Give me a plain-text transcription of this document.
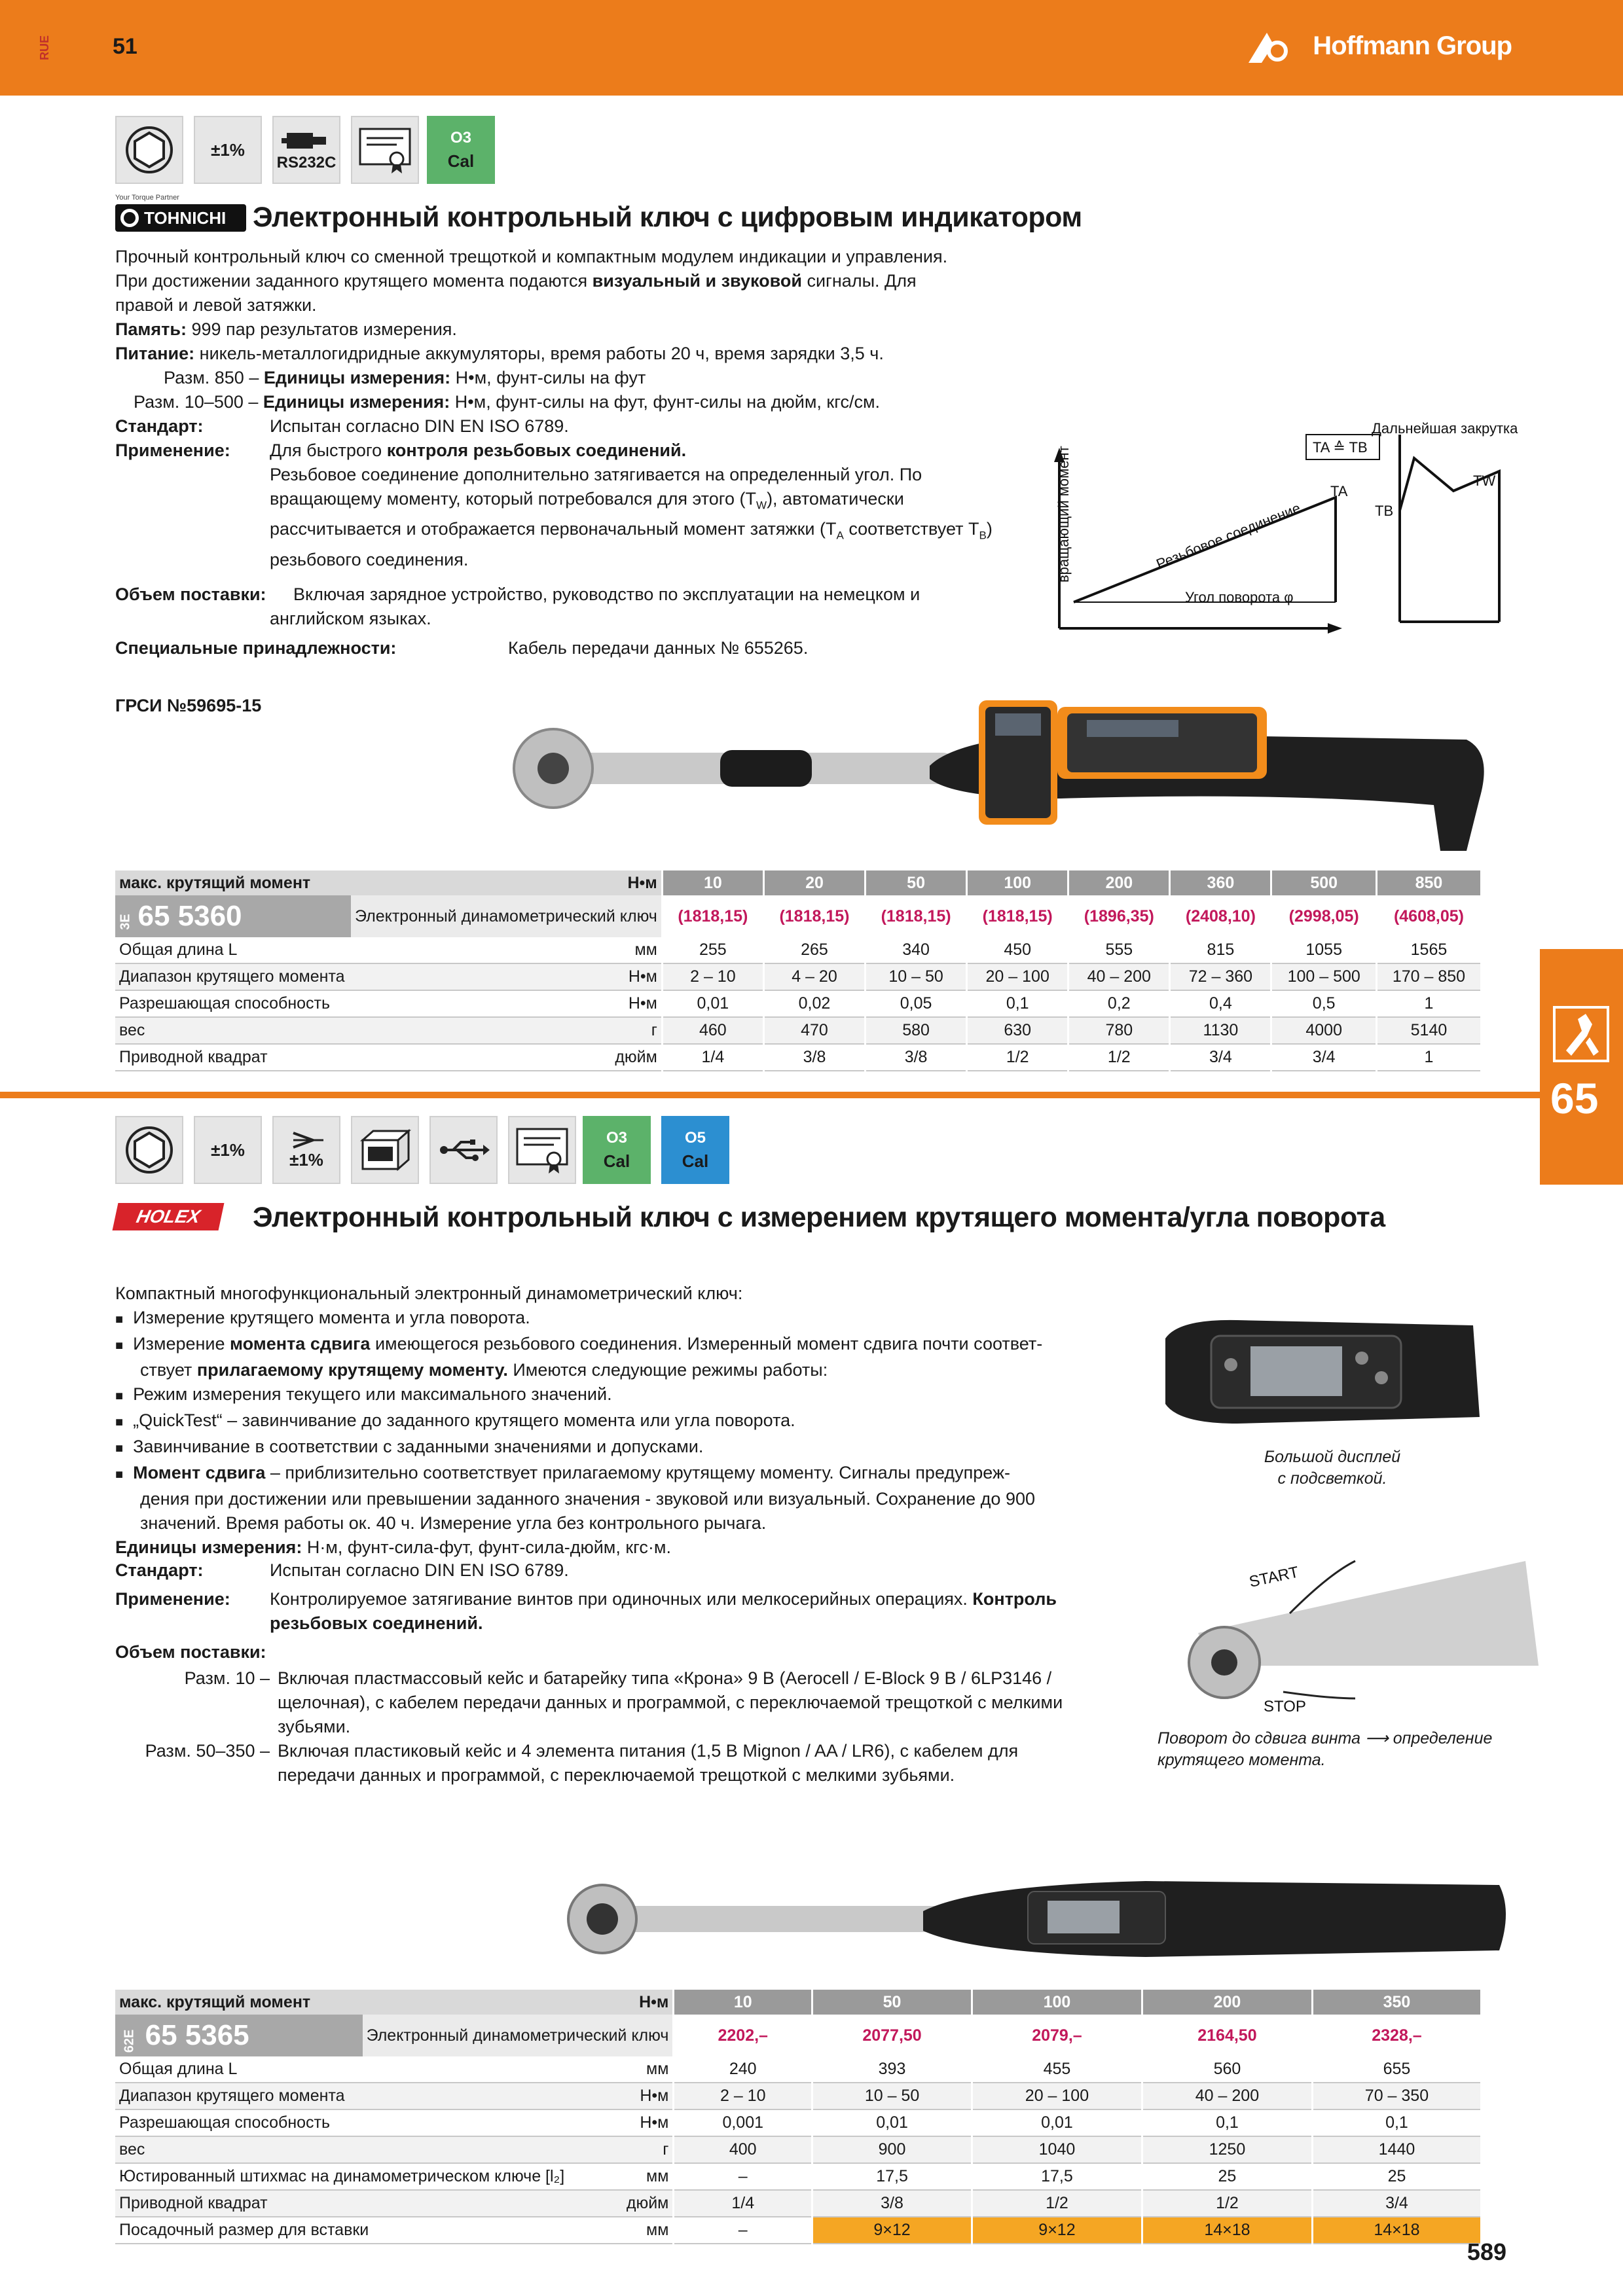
RUE	51	Hoffmann Group
±1%
RS232C
O3
Cal
Your Torque Partner
TOHNICHI Электронный контрольный ключ с цифровым индикатором
Прочный контрольный ключ со сменной трещоткой и компактным модулем индикации и управления.
При достижении заданного крутящего момента подаются визуальный и звуковой сигналы. Для
правой и левой затяжки.
Память: 999 пар результатов измерения.
Питание: никель-металлогидридные аккумуляторы, время работы 20 ч, время зарядки 3,5 ч.
Разм. 850 – Единицы измерения: Н•м, фунт-силы на фут
Разм. 10–500 – Единицы измерения: Н•м, фунт-силы на фут, фунт-силы на дюйм, кгс/см.
Стандарт:	Испытан согласно DIN EN ISO 6789.
Применение: Для быстрого контроля резьбовых соединений.
Резьбовое соединение дополнительно затягивается на определенный угол. По
вращающему моменту, который потребовался для этого $(T_W)$, автоматически
рассчитывается и отображается первоначальный момент затяжки ($T_A$ соответствует $T_B$)
резьбового соединения.
Объем поставки: Включая зарядное устройство, руководство по эксплуатации на немецком и
английском языках.
Специальные принадлежности:	Кабель передачи данных № 655265.
ГРСИ №59695-15
вращающий момент	Резьбовое соединение
Угол поворота φ
TA
TA ≙ TB
Дальнейшая закрутка
TB
TW
макс. крутящий момент		Н•м	10	20	50	100	200	360	500	850
3E 65 5360	Электронный динамометрический ключ		(1818,15)	(1818,15)	(1818,15)	(1818,15)	(1896,35)	(2408,10)	(2998,05)	(4608,05)
Общая длина L		мм	255	265	340	450	555	815	1055	1565
Диапазон крутящего момента		Н•м	2 – 10	4 – 20	10 – 50	20 – 100	40 – 200	72 – 360	100 – 500	170 – 850
Разрешающая способность		Н•м	0,01	0,02	0,05	0,1	0,2	0,4	0,5	1
вес		г	460	470	580	630	780	1130	4000	5140
Приводной квадрат		дюйм	1/4	3/8	3/8	1/2	1/2	3/4	3/4	1
65
±1%	±1%
O3
Cal
O5
Cal
HOLEX Электронный контрольный ключ с измерением крутящего момента/угла поворота
Компактный многофункциональный электронный динамометрический ключ:
■ Измерение крутящего момента и угла поворота.
■ Измерение момента сдвига имеющегося резьбового соединения. Измеренный момент сдвига почти соответ-
ствует прилагаемому крутящему моменту. Имеются следующие режимы работы:
■ Режим измерения текущего или максимального значений.
■ „QuickTest“ – завинчивание до заданного крутящего момента или угла поворота.
■ Завинчивание в соответствии с заданными значениями и допусками.
■ Момент сдвига – приблизительно соответствует прилагаемому крутящему моменту. Сигналы предупреж-
дения при достижении или превышении заданного значения - звуковой или визуальный. Сохранение до 900
значений. Время работы ок. 40 ч. Измерение угла без контрольного рычага.
Единицы измерения: Н·м, фунт-сила-фут, фунт-сила-дюйм, кгс·м.
Стандарт:	Испытан согласно DIN EN ISO 6789.
Применение: Контролируемое затягивание винтов при одиночных или мелкосерийных операциях. Контроль
резьбовых соединений.
Объем поставки:
Разм. 10 – Включая пластмассовый кейс и батарейку типа «Крона» 9 В (Aerocell / E-Block 9 B / 6LP3146 /
щелочная), с кабелем передачи данных и программой, с переключаемой трещоткой с мелкими
зубьями.
Разм. 50–350 – Включая пластиковый кейс и 4 элемента питания (1,5 В Mignon / AA / LR6), с кабелем для
передачи данных и программой, с переключаемой трещоткой с мелкими зубьями.
Большой дисплей
с подсветкой.
START
STOP
Поворот до сдвига винта ⟶ определение
крутящего момента.
макс. крутящий момент		Н•м	10	50	100	200	350
62E 65 5365	Электронный динамометрический ключ		2202,–	2077,50	2079,–	2164,50	2328,–
Общая длина L		мм	240	393	455	560	655
Диапазон крутящего момента		Н•м	2 – 10	10 – 50	20 – 100	40 – 200	70 – 350
Разрешающая способность		Н•м	0,001	0,01	0,01	0,1	0,1
вес		г	400	900	1040	1250	1440
Юстированный штихмас на динамометрическом ключе [l₂]		мм	–	17,5	17,5	25	25
Приводной квадрат		дюйм	1/4	3/8	1/2	1/2	3/4
Посадочный размер для вставки		мм	–	9×12	9×12	14×18	14×18
589
